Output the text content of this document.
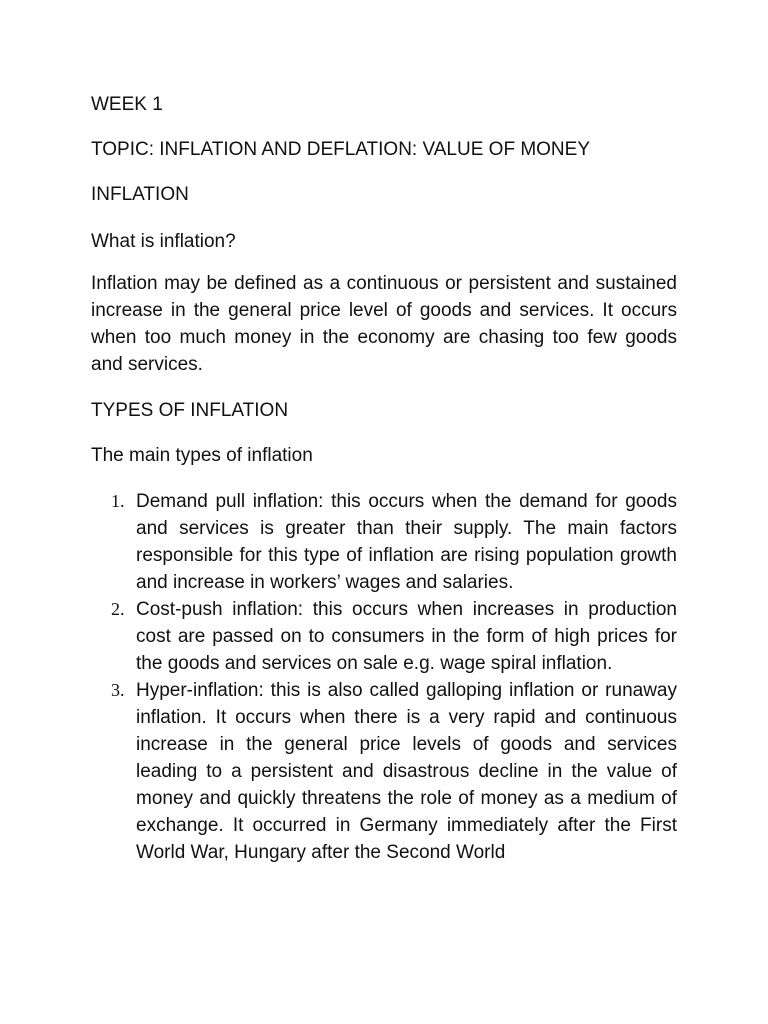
WEEK 1

TOPIC: INFLATION AND DEFLATION: VALUE OF MONEY

INFLATION

What is inflation?

Inflation may be defined as a continuous or persistent and sustained increase in the general price level of goods and services. It occurs when too much money in the economy are chasing too few goods and services.

TYPES OF INFLATION

The main types of inflation

1. Demand pull inflation: this occurs when the demand for goods and services is greater than their supply. The main factors responsible for this type of inflation are rising population growth and increase in workers’ wages and salaries.
2. Cost-push inflation: this occurs when increases in production cost are passed on to consumers in the form of high prices for the goods and services on sale e.g. wage spiral inflation.
3. Hyper-inflation: this is also called galloping inflation or runaway inflation. It occurs when there is a very rapid and continuous increase in the general price levels of goods and services leading to a persistent and disastrous decline in the value of money and quickly threatens the role of money as a medium of exchange. It occurred in Germany immediately after the First World War, Hungary after the Second World
